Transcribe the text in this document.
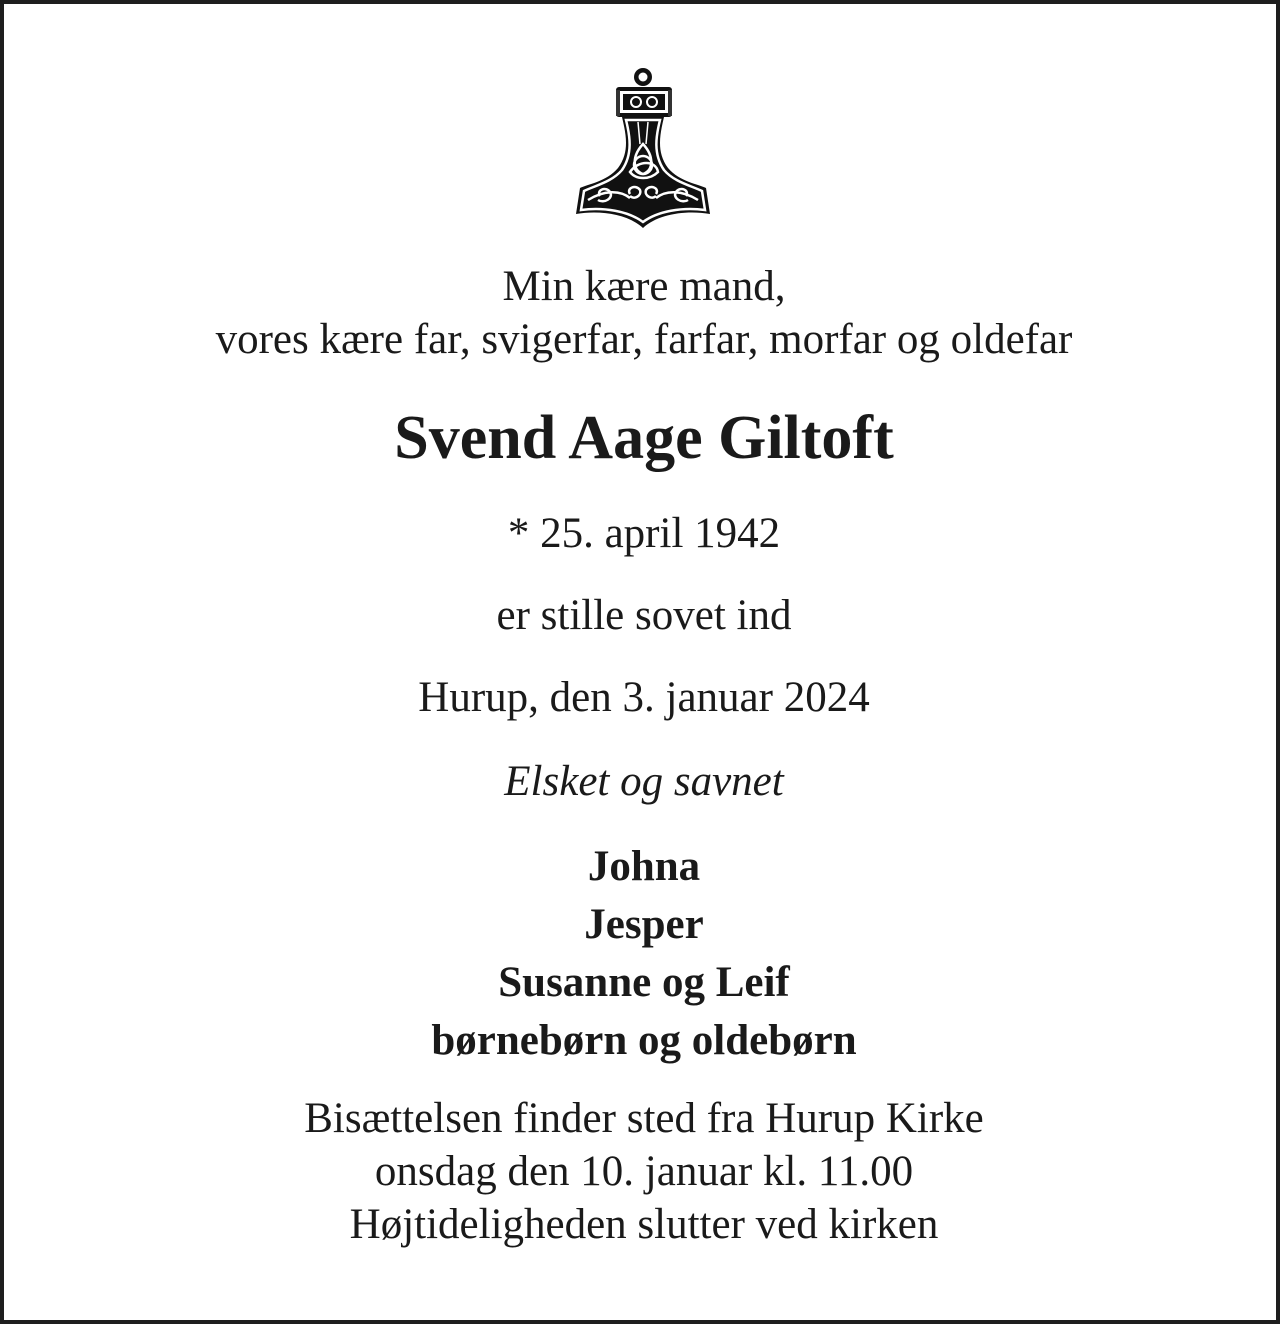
Min kære mand,
vores kære far, svigerfar, farfar, morfar og oldefar
Svend Aage Giltoft
* 25. april 1942
er stille sovet ind
Hurup, den 3. januar 2024
Elsket og savnet
Johna
Jesper
Susanne og Leif
børnebørn og oldebørn
Bisættelsen finder sted fra Hurup Kirke
onsdag den 10. januar kl. 11.00
Højtideligheden slutter ved kirken
